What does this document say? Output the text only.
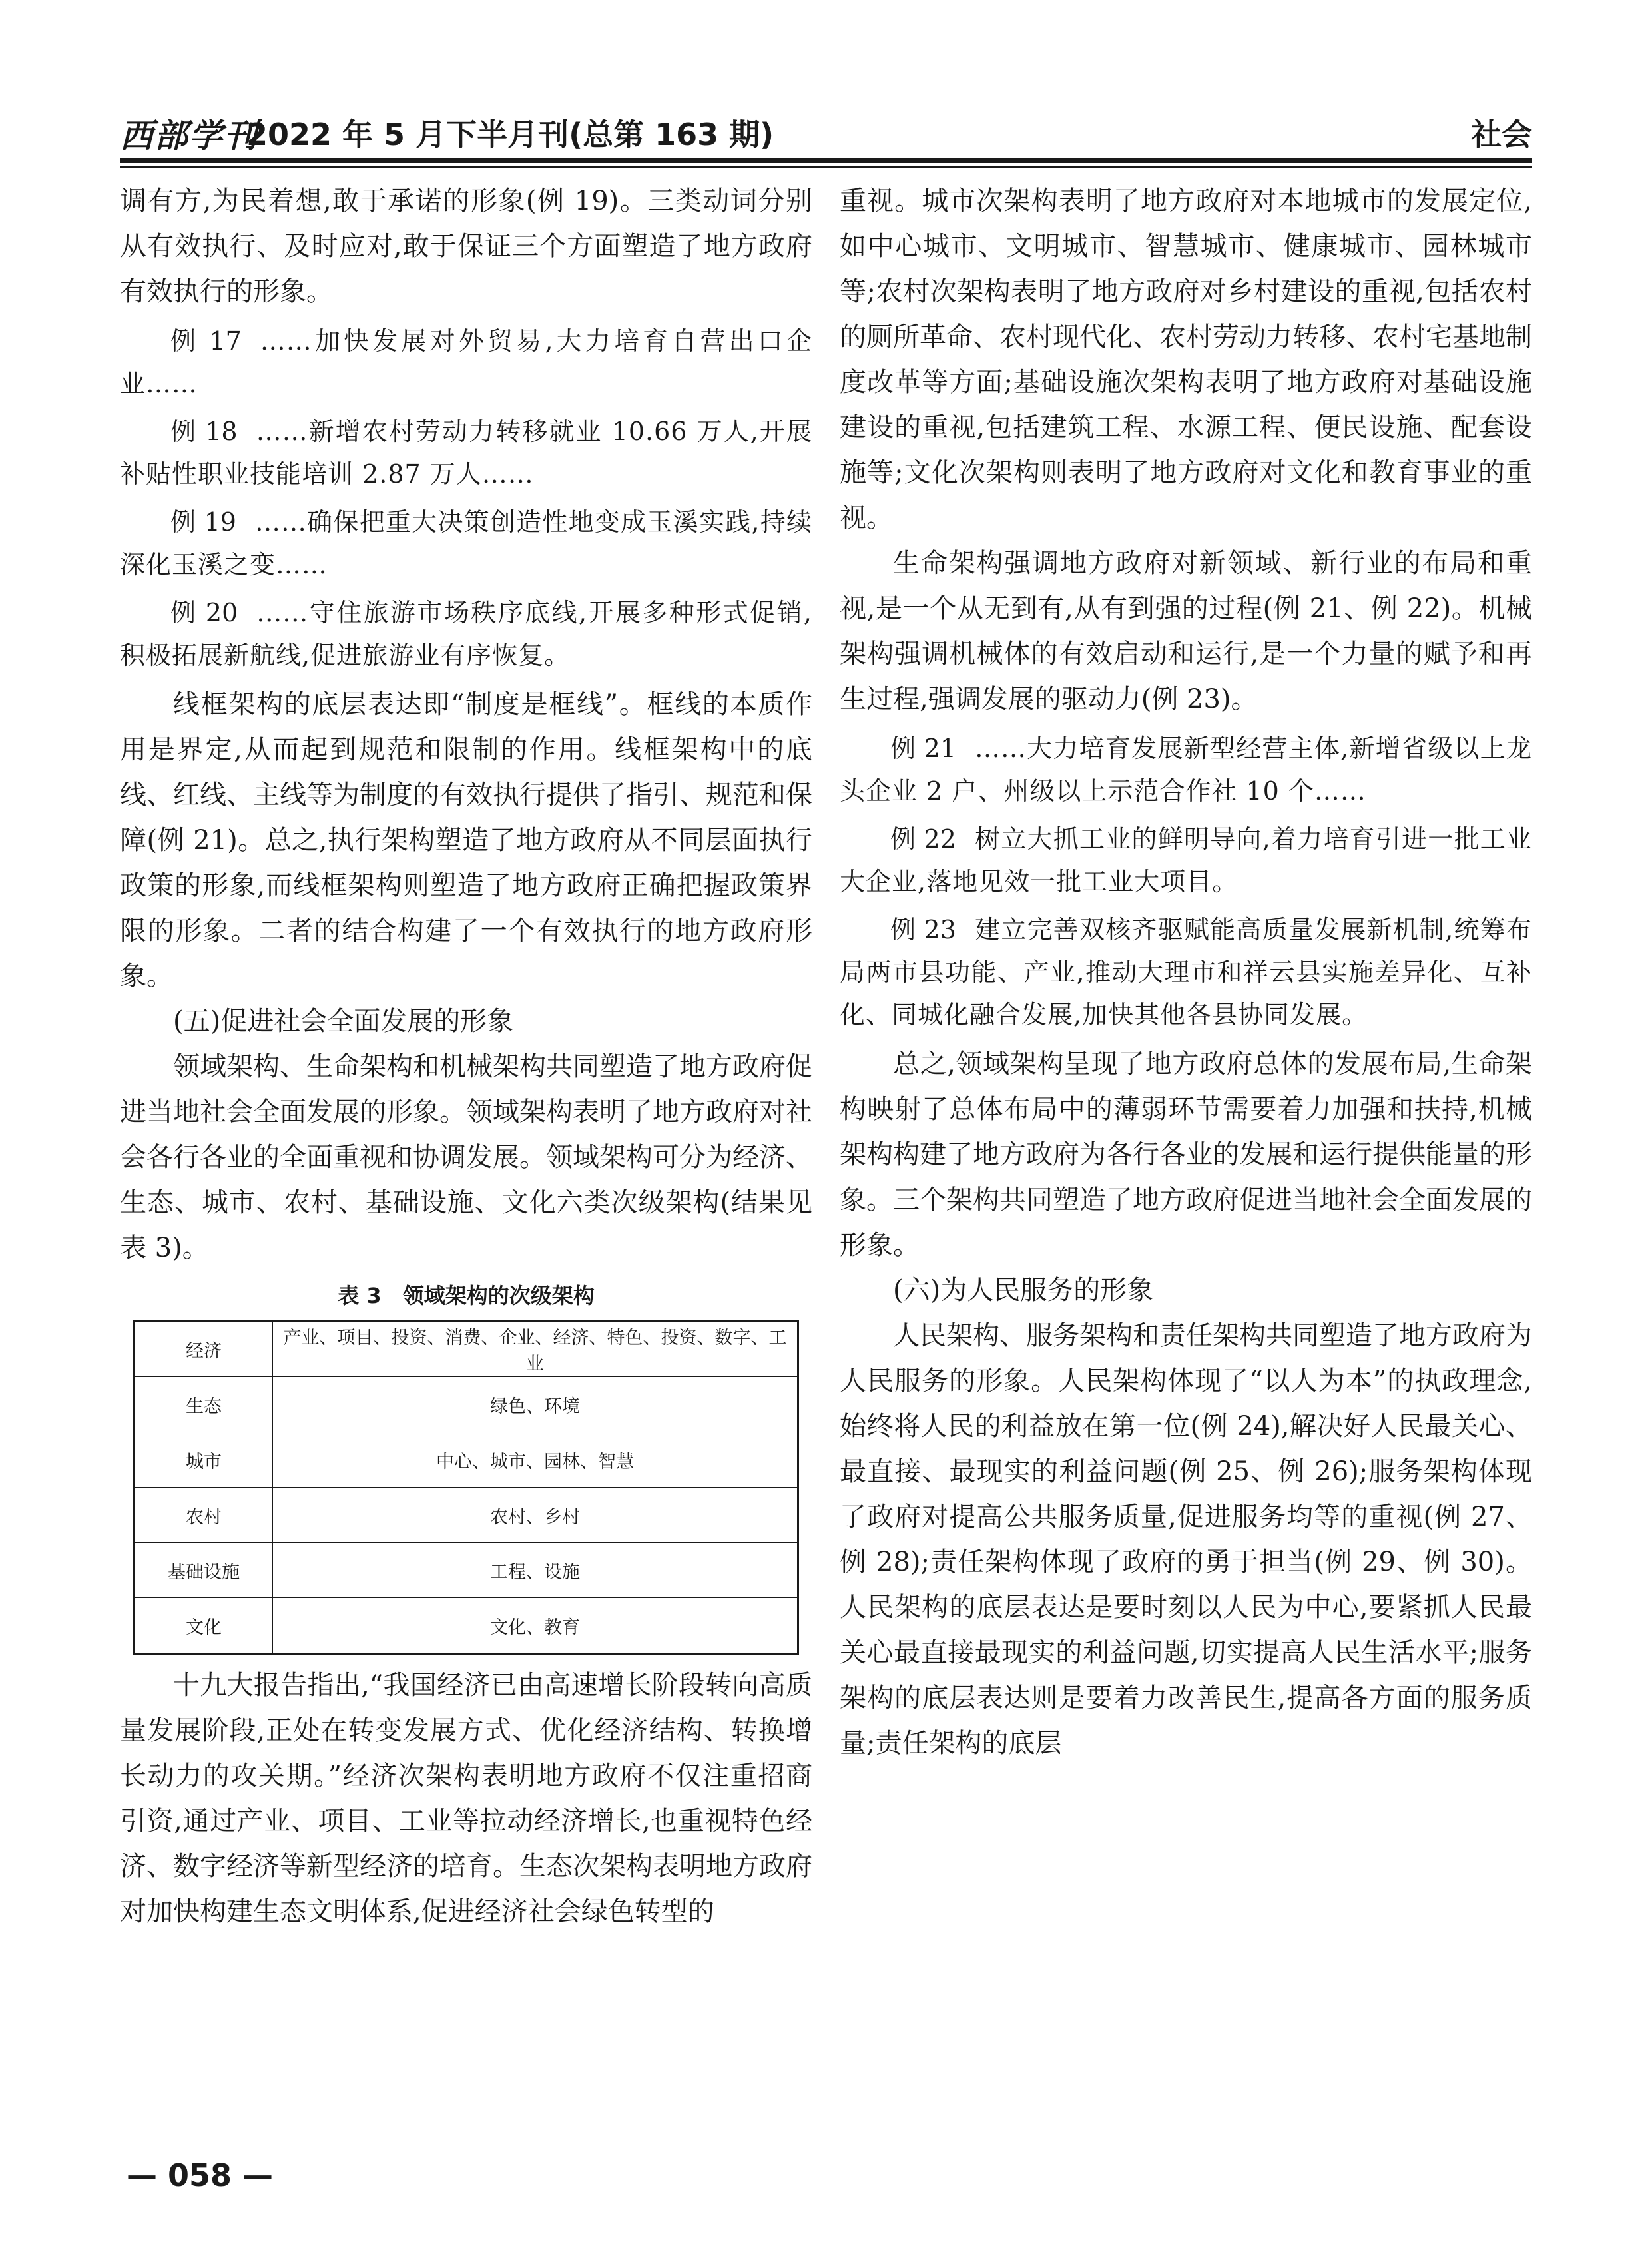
西部学刊
2022 年 5 月下半月刊(总第 163 期)	社会

调有方,为民着想,敢于承诺的形象(例 19)。三类动词分别从有效执行、及时应对,敢于保证三个方面塑造了地方政府有效执行的形象。

例 17 ……加快发展对外贸易,大力培育自营出口企业……

例 18 ……新增农村劳动力转移就业 10.66 万人,开展补贴性职业技能培训 2.87 万人……

例 19 ……确保把重大决策创造性地变成玉溪实践,持续深化玉溪之变……

例 20 ……守住旅游市场秩序底线,开展多种形式促销,积极拓展新航线,促进旅游业有序恢复。

线框架构的底层表达即“制度是框线”。框线的本质作用是界定,从而起到规范和限制的作用。线框架构中的底线、红线、主线等为制度的有效执行提供了指引、规范和保障(例 21)。总之,执行架构塑造了地方政府从不同层面执行政策的形象,而线框架构则塑造了地方政府正确把握政策界限的形象。二者的结合构建了一个有效执行的地方政府形象。

(五)促进社会全面发展的形象

领域架构、生命架构和机械架构共同塑造了地方政府促进当地社会全面发展的形象。领域架构表明了地方政府对社会各行各业的全面重视和协调发展。领域架构可分为经济、生态、城市、农村、基础设施、文化六类次级架构(结果见表 3)。

表 3　领域架构的次级架构
经济	产业、项目、投资、消费、企业、经济、特色、投资、数字、工业
生态	绿色、环境
城市	中心、城市、园林、智慧
农村	农村、乡村
基础设施	工程、设施
文化	文化、教育

十九大报告指出,“我国经济已由高速增长阶段转向高质量发展阶段,正处在转变发展方式、优化经济结构、转换增长动力的攻关期。”经济次架构表明地方政府不仅注重招商引资,通过产业、项目、工业等拉动经济增长,也重视特色经济、数字经济等新型经济的培育。生态次架构表明地方政府对加快构建生态文明体系,促进经济社会绿色转型的

重视。城市次架构表明了地方政府对本地城市的发展定位,如中心城市、文明城市、智慧城市、健康城市、园林城市等;农村次架构表明了地方政府对乡村建设的重视,包括农村的厕所革命、农村现代化、农村劳动力转移、农村宅基地制度改革等方面;基础设施次架构表明了地方政府对基础设施建设的重视,包括建筑工程、水源工程、便民设施、配套设施等;文化次架构则表明了地方政府对文化和教育事业的重视。

生命架构强调地方政府对新领域、新行业的布局和重视,是一个从无到有,从有到强的过程(例 21、例 22)。机械架构强调机械体的有效启动和运行,是一个力量的赋予和再生过程,强调发展的驱动力(例 23)。

例 21 ……大力培育发展新型经营主体,新增省级以上龙头企业 2 户、州级以上示范合作社 10 个……

例 22 树立大抓工业的鲜明导向,着力培育引进一批工业大企业,落地见效一批工业大项目。

例 23 建立完善双核齐驱赋能高质量发展新机制,统筹布局两市县功能、产业,推动大理市和祥云县实施差异化、互补化、同城化融合发展,加快其他各县协同发展。

总之,领域架构呈现了地方政府总体的发展布局,生命架构映射了总体布局中的薄弱环节需要着力加强和扶持,机械架构构建了地方政府为各行各业的发展和运行提供能量的形象。三个架构共同塑造了地方政府促进当地社会全面发展的形象。

(六)为人民服务的形象

人民架构、服务架构和责任架构共同塑造了地方政府为人民服务的形象。人民架构体现了“以人为本”的执政理念,始终将人民的利益放在第一位(例 24),解决好人民最关心、最直接、最现实的利益问题(例 25、例 26);服务架构体现了政府对提高公共服务质量,促进服务均等的重视(例 27、例 28);责任架构体现了政府的勇于担当(例 29、例 30)。人民架构的底层表达是要时刻以人民为中心,要紧抓人民最关心最直接最现实的利益问题,切实提高人民生活水平;服务架构的底层表达则是要着力改善民生,提高各方面的服务质量;责任架构的底层

— 058 —
